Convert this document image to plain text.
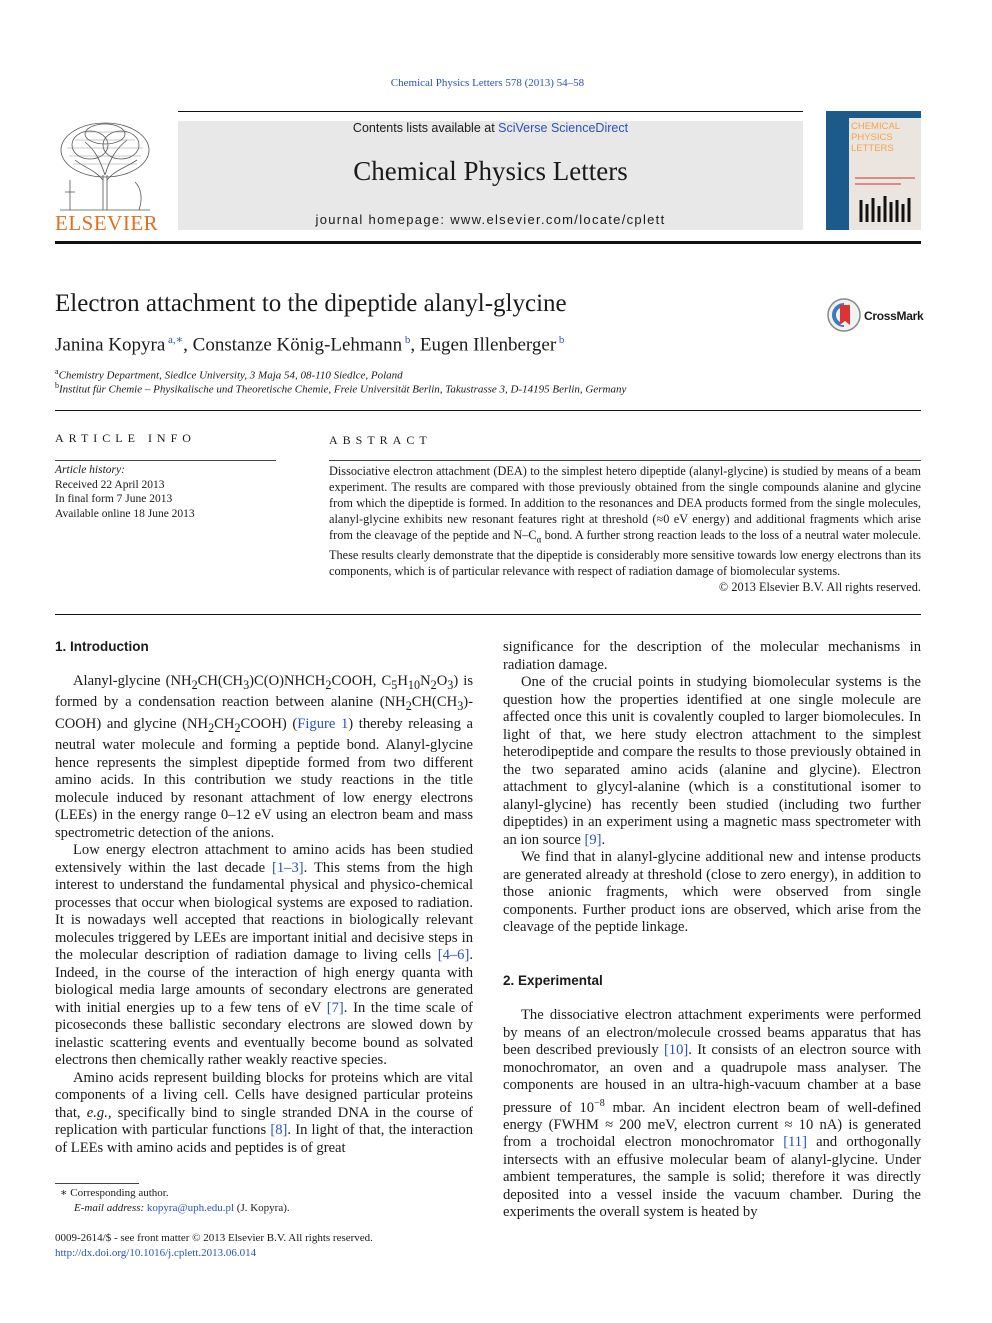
Chemical Physics Letters 578 (2013) 54–58
ELSEVIER
Contents lists available at SciVerse ScienceDirect
Chemical Physics Letters
journal homepage: www.elsevier.com/locate/cplett
CHEMICAL PHYSICS LETTERS
Electron attachment to the dipeptide alanyl-glycine	CrossMark
Janina Kopyra $^{a,∗}$, Constanze König-Lehmann $^b$, Eugen Illenberger $^b$
$^a$Chemistry Department, Siedlce University, 3 Maja 54, 08-110 Siedlce, Poland
$^b$Institut für Chemie – Physikalische und Theoretische Chemie, Freie Universität Berlin, Takustrasse 3, D-14195 Berlin, Germany
ARTICLE INFO
Article history:
Received 22 April 2013
In final form 7 June 2013
Available online 18 June 2013
ABSTRACT
Dissociative electron attachment (DEA) to the simplest hetero dipeptide (alanyl-glycine) is studied by means of a beam experiment. The results are compared with those previously obtained from the single compounds alanine and glycine from which the dipeptide is formed. In addition to the resonances and DEA products formed from the single molecules, alanyl-glycine exhibits new resonant features right at threshold (≈0 eV energy) and additional fragments which arise from the cleavage of the peptide and $N-C_\alpha$ bond. A further strong reaction leads to the loss of a neutral water molecule. These results clearly demonstrate that the dipeptide is considerably more sensitive towards low energy electrons than its components, which is of particular relevance with respect of radiation damage of biomolecular systems.
© 2013 Elsevier B.V. All rights reserved.
1. Introduction

Alanyl-glycine ($NH_2CH(CH_3)C(O)NHCH_2COOH$, $C_5H_{10}N_2O_3$) is formed by a condensation reaction between alanine $(NH_2CH(CH_3)-COOH)$ and glycine $(NH_2CH_2COOH)$ (Figure 1) thereby releasing a neutral water molecule and forming a peptide bond. Alanyl-glycine hence represents the simplest dipeptide formed from two different amino acids. In this contribution we study reactions in the title molecule induced by resonant attachment of low energy electrons (LEEs) in the energy range 0–12 eV using an electron beam and mass spectrometric detection of the anions.

Low energy electron attachment to amino acids has been studied extensively within the last decade [1–3]. This stems from the high interest to understand the fundamental physical and physico-chemical processes that occur when biological systems are exposed to radiation. It is nowadays well accepted that reactions in biologically relevant molecules triggered by LEEs are important initial and decisive steps in the molecular description of radiation damage to living cells [4–6]. Indeed, in the course of the interaction of high energy quanta with biological media large amounts of secondary electrons are generated with initial energies up to a few tens of eV [7]. In the time scale of picoseconds these ballistic secondary electrons are slowed down by inelastic scattering events and eventually become bound as solvated electrons then chemically rather weakly reactive species.

Amino acids represent building blocks for proteins which are vital components of a living cell. Cells have designed particular proteins that, e.g., specifically bind to single stranded DNA in the course of replication with particular functions [8]. In light of that, the interaction of LEEs with amino acids and peptides is of great

∗ Corresponding author.
E-mail address: kopyra@uph.edu.pl (J. Kopyra).
0009-2614/$ - see front matter © 2013 Elsevier B.V. All rights reserved.
http://dx.doi.org/10.1016/j.cplett.2013.06.014

significance for the description of the molecular mechanisms in radiation damage.

One of the crucial points in studying biomolecular systems is the question how the properties identified at one single molecule are affected once this unit is covalently coupled to larger biomolecules. In light of that, we here study electron attachment to the simplest heterodipeptide and compare the results to those previously obtained in the two separated amino acids (alanine and glycine). Electron attachment to glycyl-alanine (which is a constitutional isomer to alanyl-glycine) has recently been studied (including two further dipeptides) in an experiment using a magnetic mass spectrometer with an ion source [9].

We find that in alanyl-glycine additional new and intense products are generated already at threshold (close to zero energy), in addition to those anionic fragments, which were observed from single components. Further product ions are observed, which arise from the cleavage of the peptide linkage.

2. Experimental

The dissociative electron attachment experiments were performed by means of an electron/molecule crossed beams apparatus that has been described previously [10]. It consists of an electron source with monochromator, an oven and a quadrupole mass analyser. The components are housed in an ultra-high-vacuum chamber at a base pressure of $10^{-8}$ mbar. An incident electron beam of well-defined energy (FWHM ≈ 200 meV, electron current ≈ 10 nA) is generated from a trochoidal electron monochromator [11] and orthogonally intersects with an effusive molecular beam of alanyl-glycine. Under ambient temperatures, the sample is solid; therefore it was directly deposited into a vessel inside the vacuum chamber. During the experiments the overall system is heated by
